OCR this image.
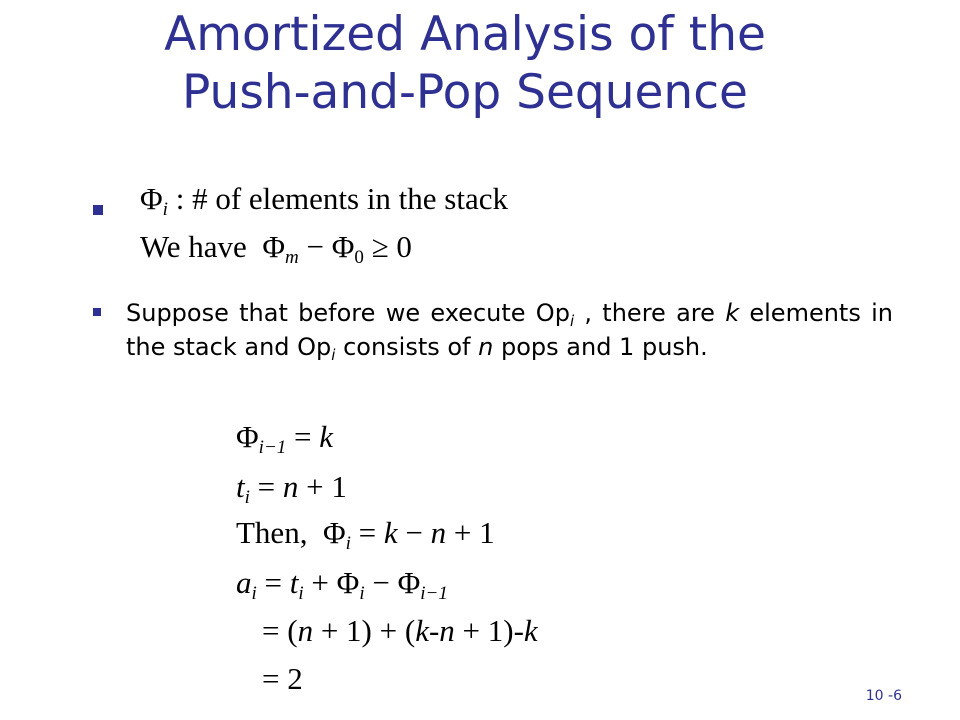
Amortized Analysis of the
Push-and-Pop Sequence
$\Phi_i$ : # of elements in the stack
We have $\Phi_m - \Phi_0 \ge 0$
Suppose that before we execute $Op_i$ , there are k elements in the stack and $Op_i$ consists of n pops and 1 push.
$\Phi_{i-1} = k$
$t_i = n + 1$
Then, $\Phi_i = k - n + 1$
$a_i = t_i + \Phi_i - \Phi_{i-1}$
= (n + 1) + (k-n + 1)-k
= 2	10 -6
